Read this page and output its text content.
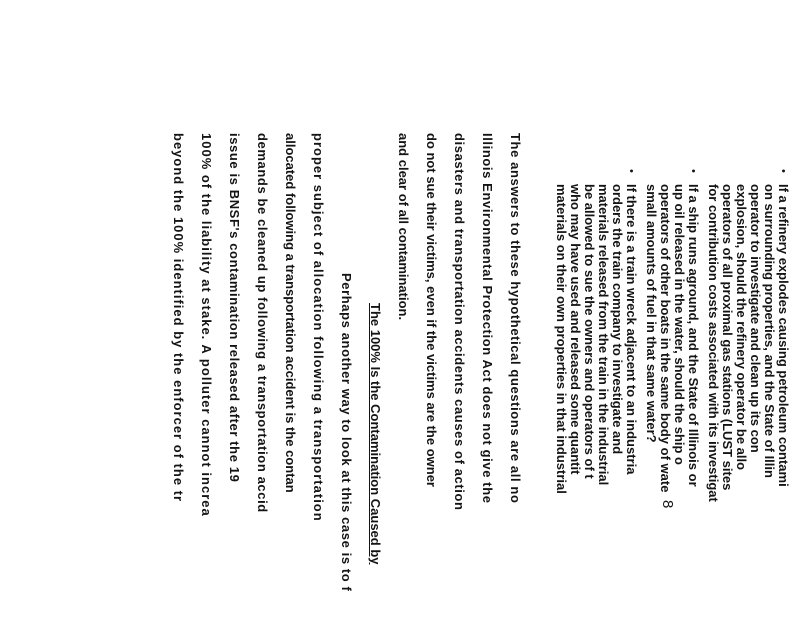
•
If a refinery explodes causing petroleum contami
on surrounding properties, and the State of Illin
operator to investigate and clean up its con
explosion, should the refinery operator be allo
operators of all proximal gas stations (LUST sites
for contribution costs associated with its investigat
•
If a ship runs aground, and the State of Illinois or
up oil released in the water, should the ship o
operators of other boats in the same body of wate
small amounts of fuel in that same water?
•
If there is a train wreck adjacent to an industria
orders the train company to investigate and
materials released from the train in the industrial
be allowed to sue the owners and operators of t
who may have used and released some quantit
materials on their own properties in that industrial
The answers to these hypothetical questions are all no
Illinois Environmental Protection Act does not give the
disasters and transportation accidents causes of action
do not sue their victims, even if the victims are the owner
and clear of all contamination.
The 100% Is the Contamination Caused by
Perhaps another way to look at this case is to f
proper subject of allocation following a transportation
allocated following a transportation accident is the contan
demands be cleaned up following a transportation accid
issue is BNSF's contamination released after the 19
100% of the liability at stake. A polluter cannot increa
beyond the 100% identified by the enforcer of the tr
8
